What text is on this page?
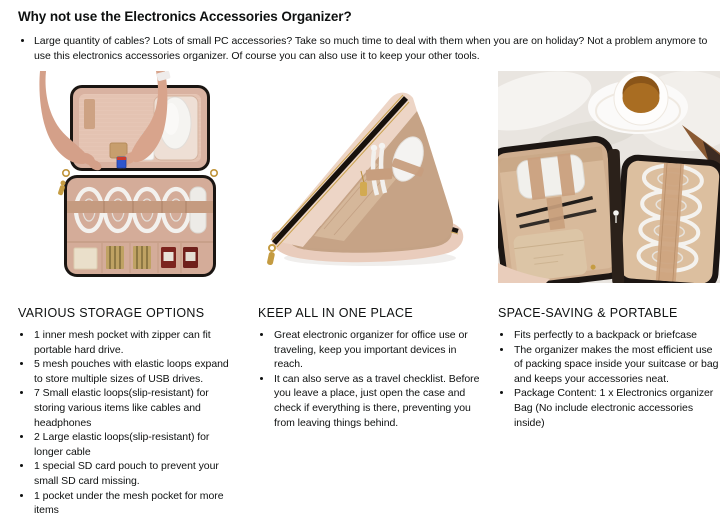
Why not use the Electronics Accessories Organizer?
• Large quantity of cables? Lots of small PC accessories? Take so much time to deal with them when you are on holiday? Not a problem anymore to use this electronics accessories organizer. Of course you can also use it to keep your other tools.
VARIOUS STORAGE OPTIONS
• 1 inner mesh pocket with zipper can fit portable hard drive.
• 5 mesh pouches with elastic loops expand to store multiple sizes of USB drives.
• 7 Small elastic loops(slip-resistant) for storing various items like cables and headphones
• 2 Large elastic loops(slip-resistant) for longer cable
• 1 special SD card pouch to prevent your small SD card missing.
• 1 pocket under the mesh pocket for more items
KEEP ALL IN ONE PLACE
• Great electronic organizer for office use or traveling, keep you important devices in reach.
• It can also serve as a travel checklist. Before you leave a place, just open the case and check if everything is there, preventing you from leaving things behind.
SPACE-SAVING & PORTABLE
• Fits perfectly to a backpack or briefcase
• The organizer makes the most efficient use of packing space inside your suitcase or bag and keeps your accessories neat.
• Package Content: 1 x Electronics organizer Bag (No include electronic accessories inside)
